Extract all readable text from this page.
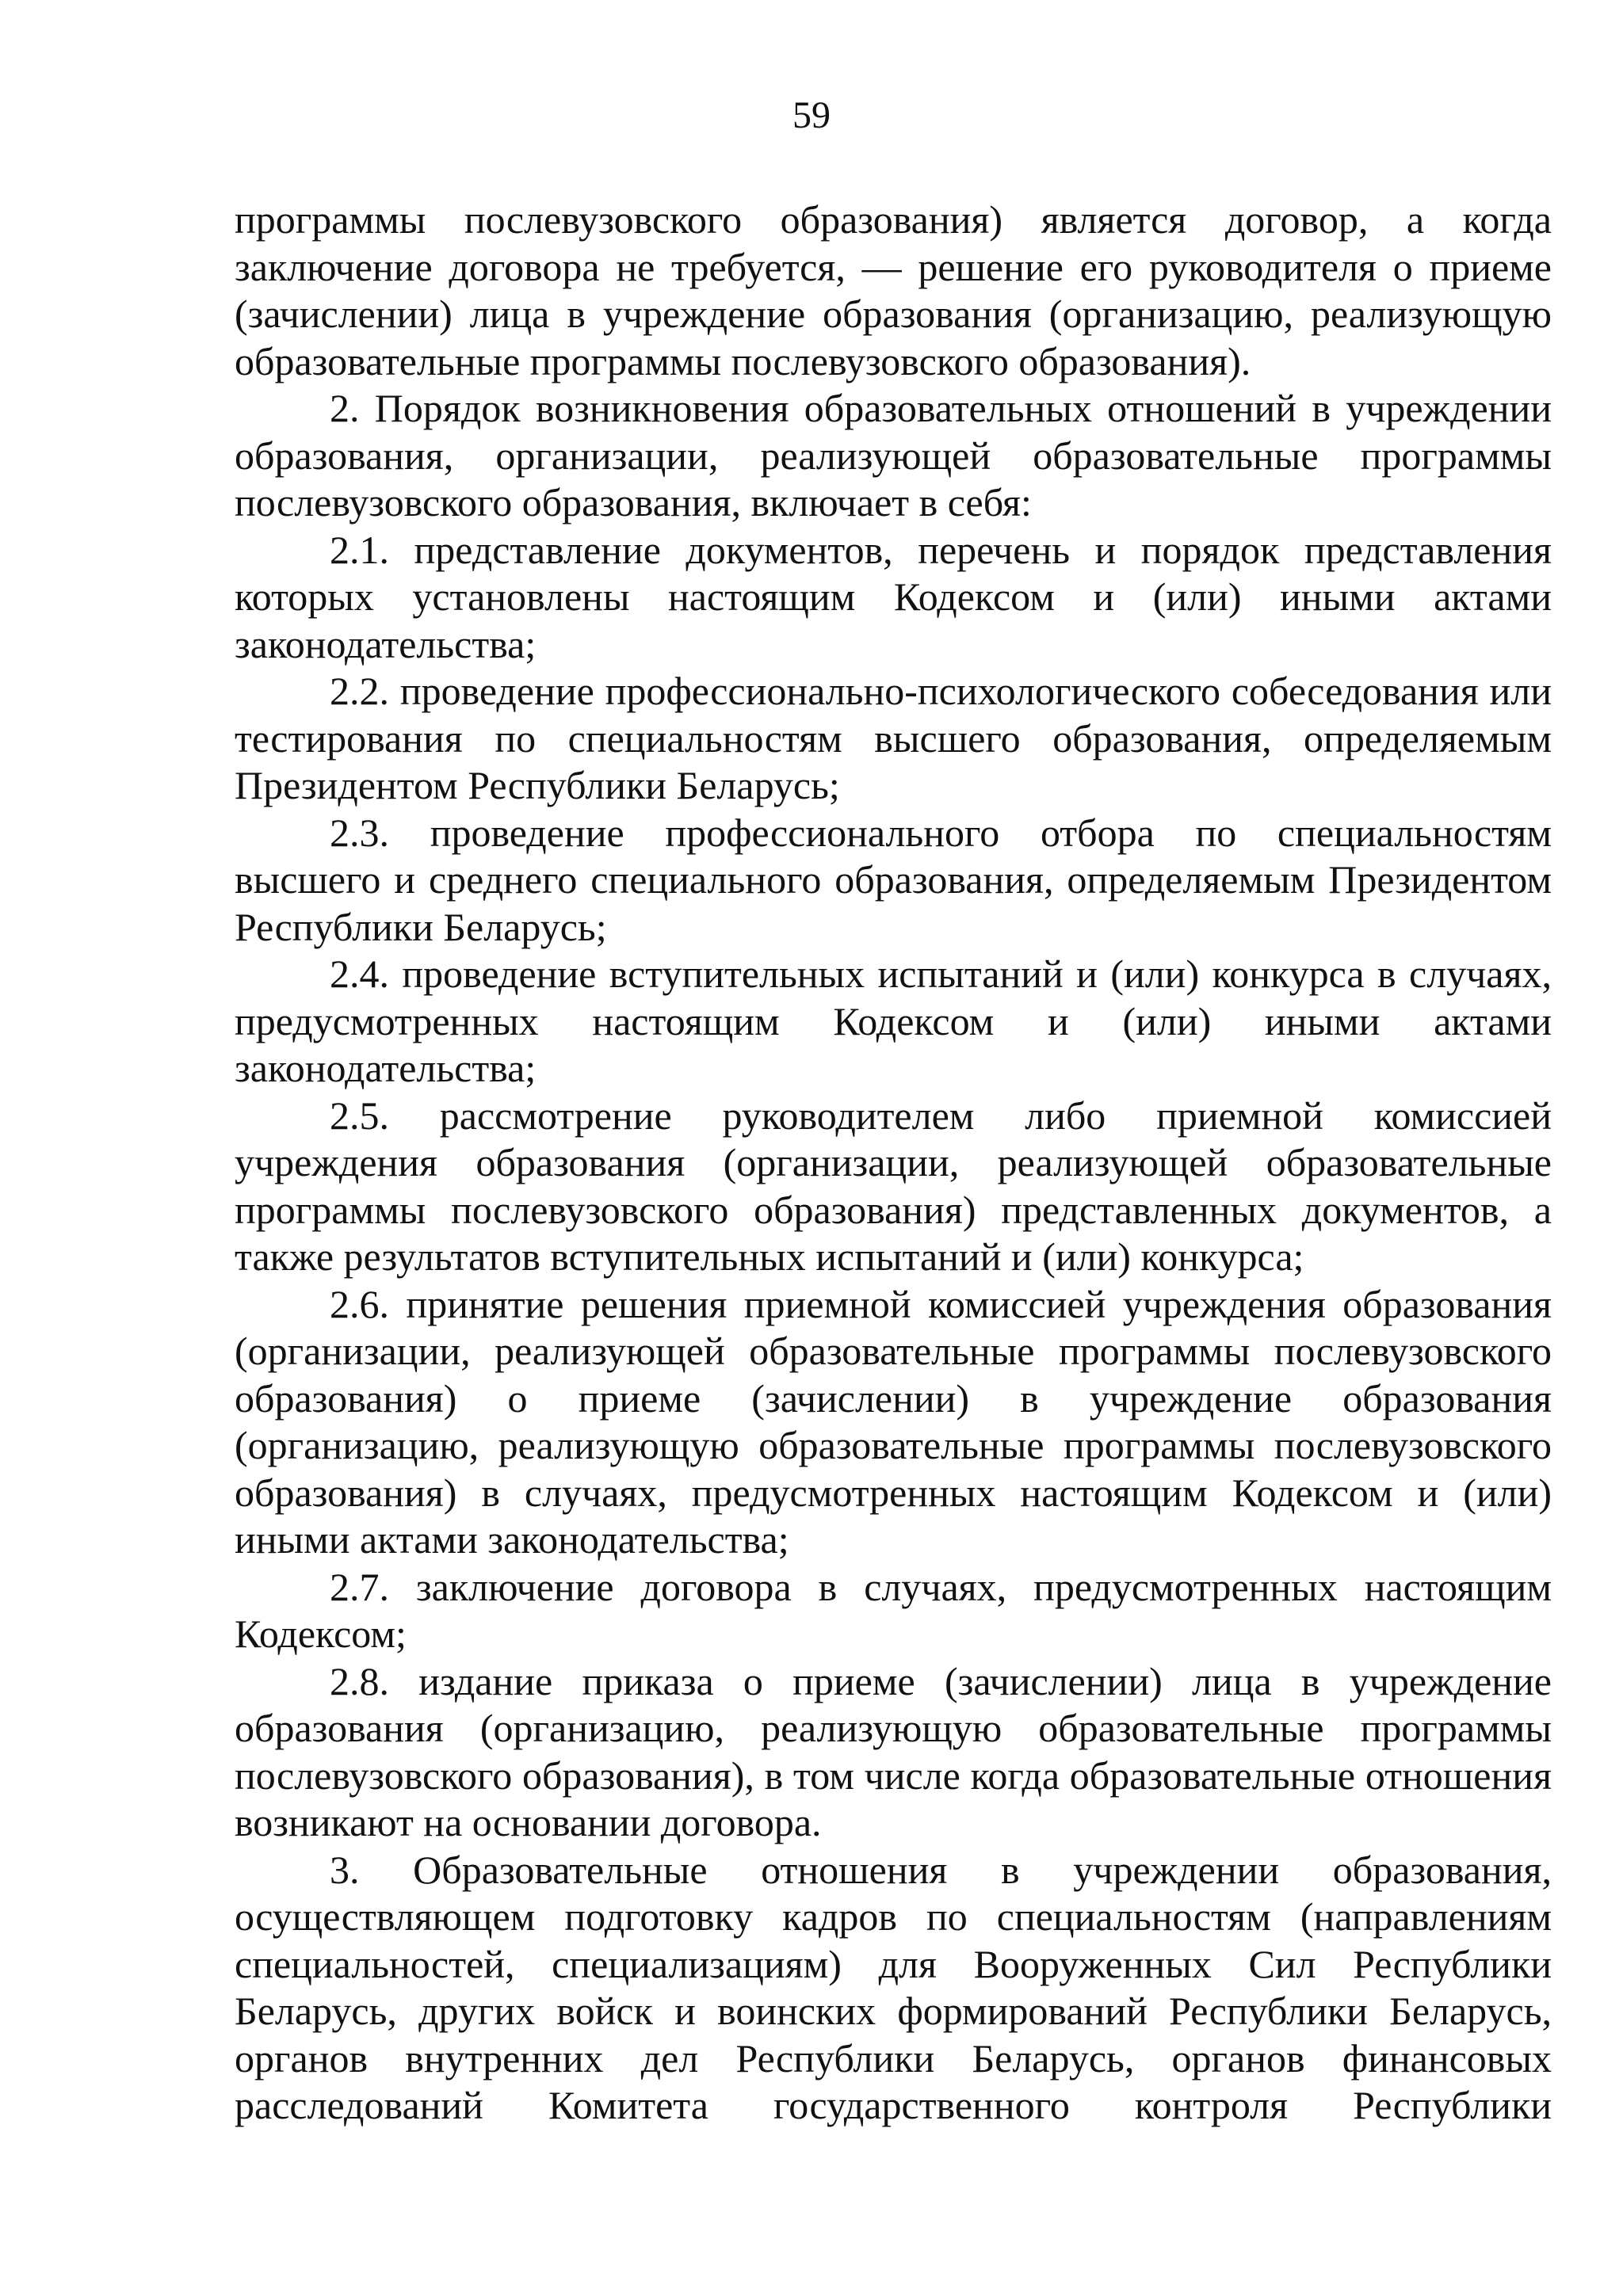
59

программы послевузовского образования) является договор, а когда заключение договора не требуется, — решение его руководителя о приеме (зачислении) лица в учреждение образования (организацию, реализующую образовательные программы послевузовского образования).

2. Порядок возникновения образовательных отношений в учреждении образования, организации, реализующей образовательные программы послевузовского образования, включает в себя:

2.1. представление документов, перечень и порядок представления которых установлены настоящим Кодексом и (или) иными актами законодательства;

2.2. проведение профессионально-психологического собеседования или тестирования по специальностям высшего образования, определяемым Президентом Республики Беларусь;

2.3. проведение профессионального отбора по специальностям высшего и среднего специального образования, определяемым Президентом Республики Беларусь;

2.4. проведение вступительных испытаний и (или) конкурса в случаях, предусмотренных настоящим Кодексом и (или) иными актами законодательства;

2.5. рассмотрение руководителем либо приемной комиссией учреждения образования (организации, реализующей образовательные программы послевузовского образования) представленных документов, а также результатов вступительных испытаний и (или) конкурса;

2.6. принятие решения приемной комиссией учреждения образования (организации, реализующей образовательные программы послевузовского образования) о приеме (зачислении) в учреждение образования (организацию, реализующую образовательные программы послевузовского образования) в случаях, предусмотренных настоящим Кодексом и (или) иными актами законодательства;

2.7. заключение договора в случаях, предусмотренных настоящим Кодексом;

2.8. издание приказа о приеме (зачислении) лица в учреждение образования (организацию, реализующую образовательные программы послевузовского образования), в том числе когда образовательные отношения возникают на основании договора.

3. Образовательные отношения в учреждении образования, осуществляющем подготовку кадров по специальностям (направлениям специальностей, специализациям) для Вооруженных Сил Республики Беларусь, других войск и воинских формирований Республики Беларусь, органов внутренних дел Республики Беларусь, органов финансовых расследований Комитета государственного контроля Республики
